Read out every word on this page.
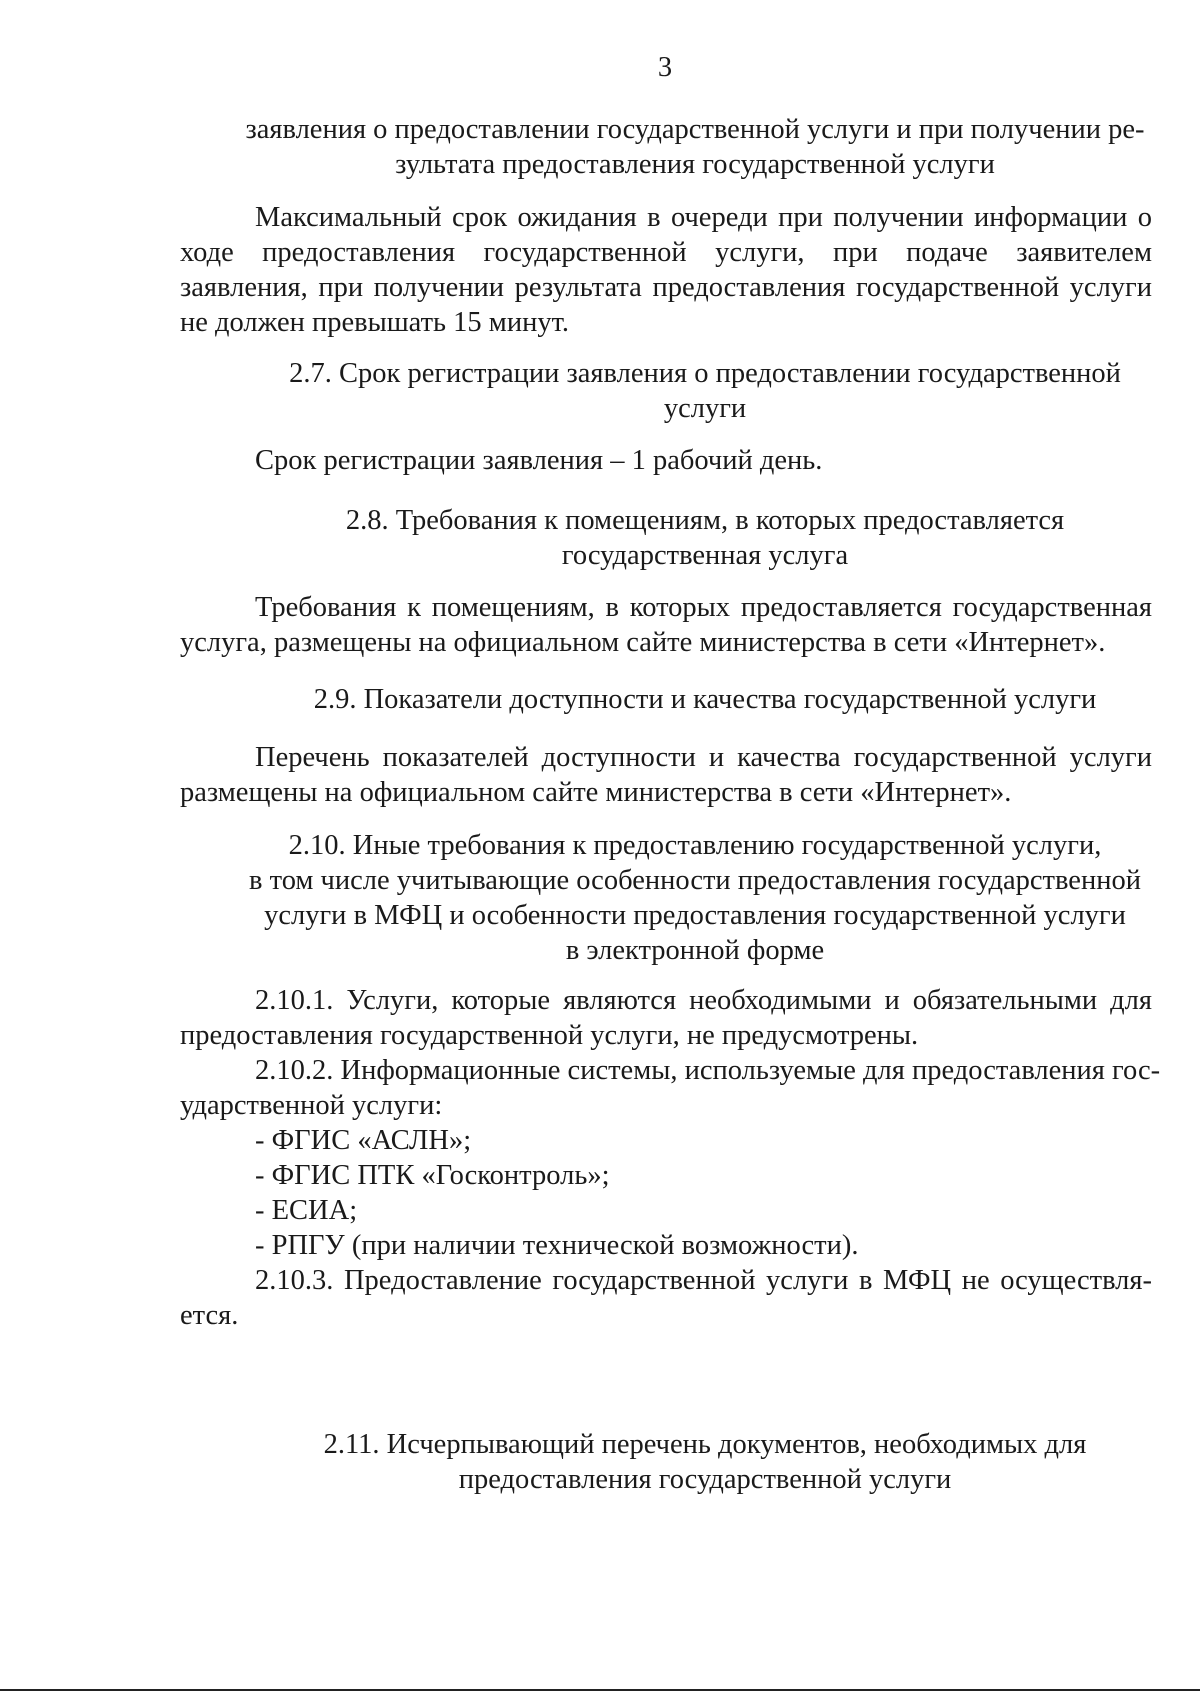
3
заявления о предоставлении государственной услуги и при получении ре-
зультата предоставления государственной услуги
Максимальный срок ожидания в очереди при получении информации о ходе предоставления государственной услуги, при подаче заявителем заявления, при получении результата предоставления государственной услуги не должен превышать 15 минут.
2.7. Срок регистрации заявления о предоставлении государственной
услуги
Срок регистрации заявления – 1 рабочий день.
2.8. Требования к помещениям, в которых предоставляется
государственная услуга
Требования к помещениям, в которых предоставляется государственная услуга, размещены на официальном сайте министерства в сети «Интернет».
2.9. Показатели доступности и качества государственной услуги
Перечень показателей доступности и качества государственной услуги размещены на официальном сайте министерства в сети «Интернет».
2.10. Иные требования к предоставлению государственной услуги,
в том числе учитывающие особенности предоставления государственной
услуги в МФЦ и особенности предоставления государственной услуги
в электронной форме
2.10.1. Услуги, которые являются необходимыми и обязательными для предоставления государственной услуги, не предусмотрены.
2.10.2. Информационные системы, используемые для предоставления гос-
ударственной услуги:
- ФГИС «АСЛН»;
- ФГИС ПТК «Госконтроль»;
- ЕСИА;
- РПГУ (при наличии технической возможности).
2.10.3. Предоставление государственной услуги в МФЦ не осуществля-
ется.
2.11. Исчерпывающий перечень документов, необходимых для
предоставления государственной услуги
